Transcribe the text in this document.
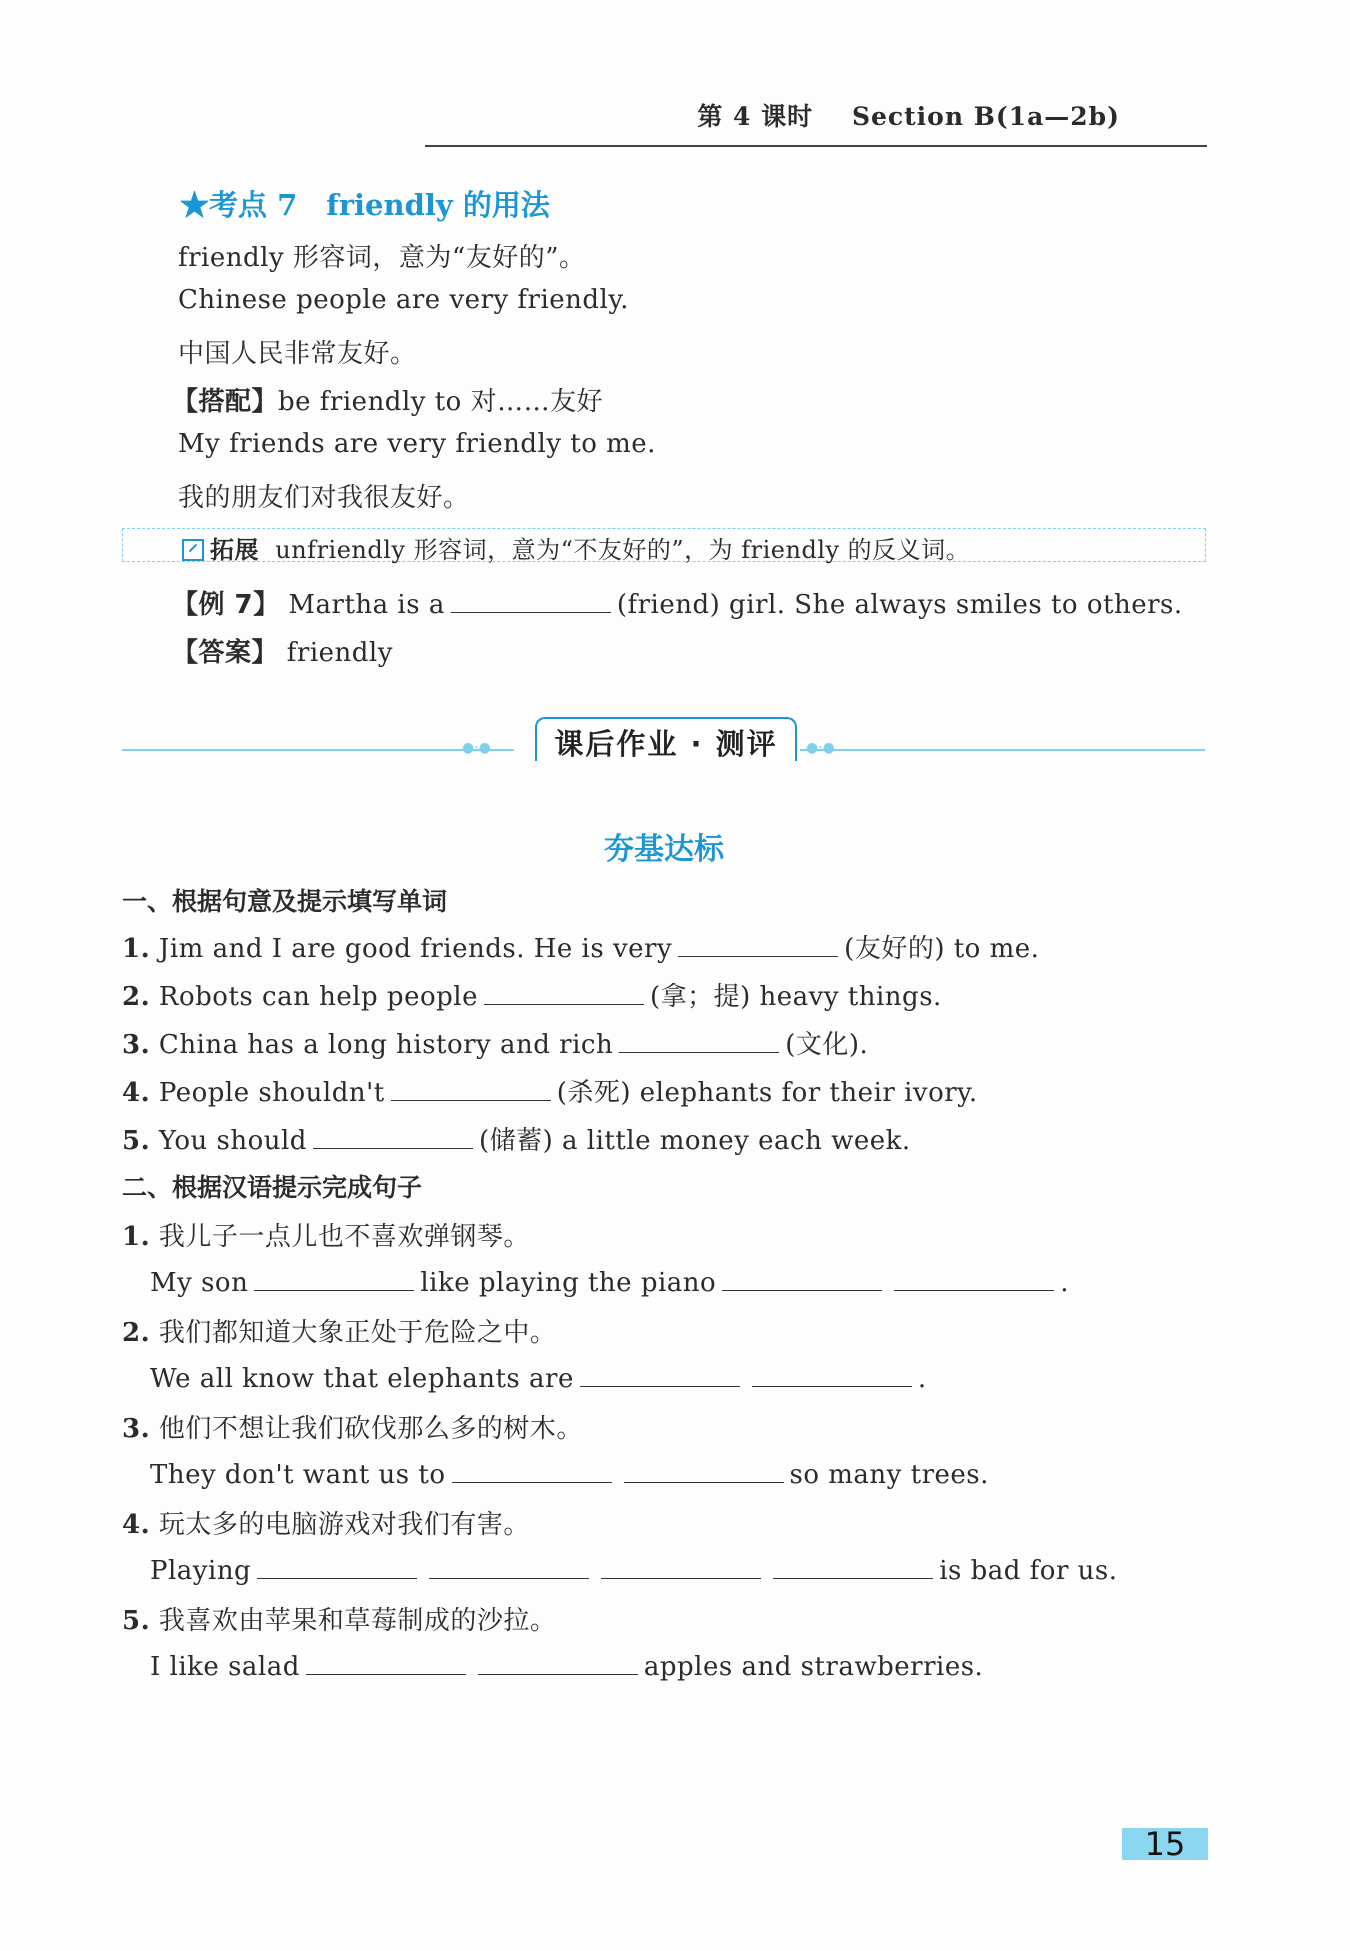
第 4 课时 Section B(1a—2b)
★考点 7　friendly 的用法
friendly 形容词，意为“友好的”。
Chinese people are very friendly.
中国人民非常友好。
【搭配】be friendly to 对……友好
My friends are very friendly to me.
我的朋友们对我很友好。
拓展 unfriendly 形容词，意为“不友好的”，为 friendly 的反义词。
【例 7】 Martha is a	(friend) girl. She always smiles to others.
【答案】 friendly
●·●	●·●
课后作业 · 测评
夯基达标
一、根据句意及提示填写单词
1. Jim and I are good friends. He is very	(友好的) to me.
2. Robots can help people	(拿；提) heavy things.
3. China has a long history and rich	(文化).
4. People shouldn't	(杀死) elephants for their ivory.
5. You should	(储蓄) a little money each week.
二、根据汉语提示完成句子
1. 我儿子一点儿也不喜欢弹钢琴。
My son	like playing the piano	.
2. 我们都知道大象正处于危险之中。
We all know that elephants are	.
3. 他们不想让我们砍伐那么多的树木。
They don't want us to	so many trees.
4. 玩太多的电脑游戏对我们有害。
Playing	is bad for us.
5. 我喜欢由苹果和草莓制成的沙拉。
I like salad	apples and strawberries.
15
